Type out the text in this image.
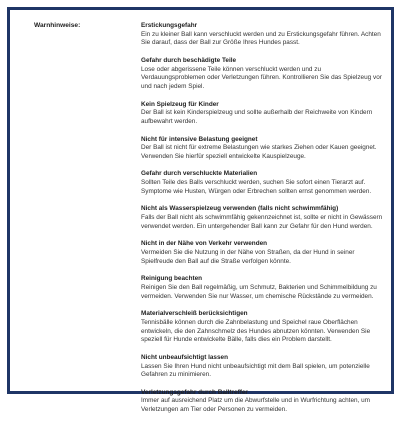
Warnhinweise:	Erstickungsgefahr
Ein zu kleiner Ball kann verschluckt werden und zu Erstickungsgefahr führen. Achten Sie darauf, dass der Ball zur Größe Ihres Hundes passt.
Gefahr durch beschädigte Teile
Lose oder abgerissene Teile können verschluckt werden und zu Verdauungsproblemen oder Verletzungen führen. Kontrollieren Sie das Spielzeug vor und nach jedem Spiel.
Kein Spielzeug für Kinder
Der Ball ist kein Kinderspielzeug und sollte außerhalb der Reichweite von Kindern aufbewahrt werden.
Nicht für intensive Belastung geeignet
Der Ball ist nicht für extreme Belastungen wie starkes Ziehen oder Kauen geeignet. Verwenden Sie hierfür speziell entwickelte Kauspielzeuge.
Gefahr durch verschluckte Materialien
Sollten Teile des Balls verschluckt werden, suchen Sie sofort einen Tierarzt auf. Symptome wie Husten, Würgen oder Erbrechen sollten ernst genommen werden.
Nicht als Wasserspielzeug verwenden (falls nicht schwimmfähig)
Falls der Ball nicht als schwimmfähig gekennzeichnet ist, sollte er nicht in Gewässern verwendet werden. Ein untergehender Ball kann zur Gefahr für den Hund werden.
Nicht in der Nähe von Verkehr verwenden
Vermeiden Sie die Nutzung in der Nähe von Straßen, da der Hund in seiner Spielfreude den Ball auf die Straße verfolgen könnte.
Reinigung beachten
Reinigen Sie den Ball regelmäßig, um Schmutz, Bakterien und Schimmelbildung zu vermeiden. Verwenden Sie nur Wasser, um chemische Rückstände zu vermeiden.
Materialverschleiß berücksichtigen
Tennisbälle können durch die Zahnbelastung und Speichel raue Oberflächen entwickeln, die den Zahnschmelz des Hundes abnutzen könnten. Verwenden Sie speziell für Hunde entwickelte Bälle, falls dies ein Problem darstellt.
Nicht unbeaufsichtigt lassen
Lassen Sie Ihren Hund nicht unbeaufsichtigt mit dem Ball spielen, um potenzielle Gefahren zu minimieren.
Verletzungsgefahr durch Balltreffer
Immer auf ausreichend Platz um die Abwurfstelle und in Wurfrichtung achten, um Verletzungen am Tier oder Personen zu vermeiden.
